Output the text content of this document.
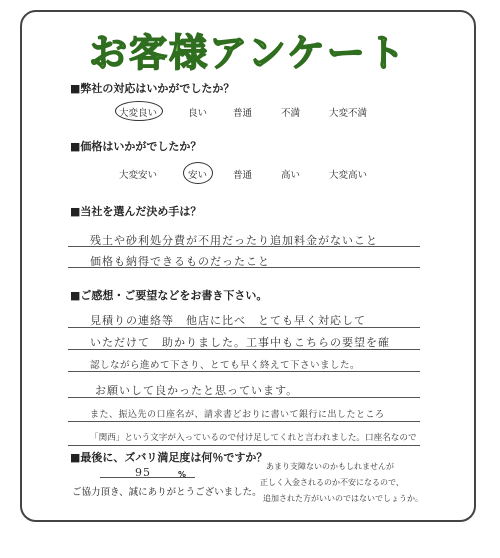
お客様アンケート
■弊社の対応はいかがでしたか？
大変良い	良い	普通	不満	大変不満
■価格はいかがでしたか？
大変安い	安い	普通	高い	大変高い
■当社を選んだ決め手は？
残土や砂利処分費が不用だったり追加料金がないこと
価格も納得できるものだったこと
■ご感想・ご要望などをお書き下さい。
見積りの連絡等　他店に比べ　とても早く対応して
いただけて　助かりました。工事中もこちらの要望を確
認しながら進めて下さり、とても早く終えて下さいました。
お願いして良かったと思っています。
また、振込先の口座名が、請求書どおりに書いて銀行に出したところ
「関西」という文字が入っているので付け足してくれと言われました。口座名なので
■最後に、ズバリ満足度は何％ですか？
95	%
あまり支障ないのかもしれませんが
正しく入金されるのか不安になるので、
追加された方がいいのではないでしょうか。
ご協力頂き、誠にありがとうございました。
